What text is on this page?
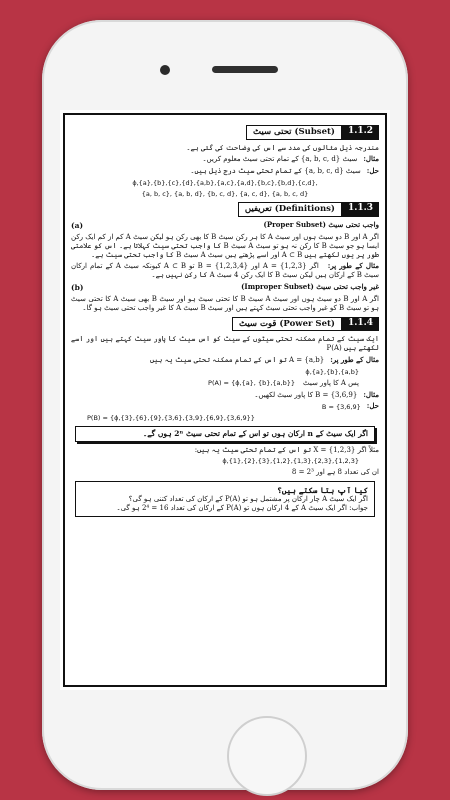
تحتی سیٹ (Subset)	1.1.2
مندرجہ ذیل مثالوں کی مدد سے اس کی وضاحت کی گئی ہے۔
مثال:
سیٹ {a, b, c, d} کے تمام تحتی سیٹ معلوم کریں۔
حل:
سیٹ {a, b, c, d} کے تمام تحتی سیٹ درج ذیل ہیں۔
ϕ,{a},{b},{c},{d},{a,b},{a,c},{a,d},{b,c},{b,d},{c,d},
{a, b, c}, {a, b, d}, {b, c, d}, {a, c, d}, {a, b, c, d}
تعریفیں (Definitions)	1.1.3
واجب تحتی سیٹ (Proper Subset)
(a)
اگر A اور B دو سیٹ ہوں اور سیٹ A کا ہر رکن سیٹ B کا بھی رکن ہو لیکن سیٹ A کم از کم ایک رکن ایسا ہو جو سیٹ B کا رکن نہ ہو تو سیٹ A سیٹ B کا واجب تحتی سیٹ کہلاتا ہے۔ اس کو علامتی طور پر یوں لکھتے ہیں A ⊂ B اور اسے پڑھتے ہیں سیٹ A سیٹ B کا واجب تحتی سیٹ ہے۔
مثال کے طور پر: اگر A = {1,2,3} اور B = {1,2,3,4} تو A ⊂ B کیونکہ سیٹ A کے تمام ارکان سیٹ B کے ارکان ہیں لیکن سیٹ B کا ایک رکن 4 سیٹ A کا رکن نہیں ہے۔
غیر واجب تحتی سیٹ (Improper Subset)
(b)
اگر A اور B دو سیٹ ہوں اور سیٹ A سیٹ B کا تحتی سیٹ ہو اور سیٹ B بھی سیٹ A کا تحتی سیٹ ہو تو سیٹ B کو غیر واجب تحتی سیٹ کہتے ہیں اور سیٹ B سیٹ A کا غیر واجب تحتی سیٹ ہو گا۔
قوت سیٹ (Power Set)	1.1.4
ایک سیٹ کے تمام ممکنہ تحتی سیٹوں کے سیٹ کو اس سیٹ کا پاور سیٹ کہتے ہیں اور اسے لکھتے ہیں P(A)
مثال کے طور پر:
A = {a,b} تو اس کے تمام ممکنہ تحتی سیٹ یہ ہیں
ϕ,{a},{b},{a,b}
پس A کا پاور سیٹ
P(A) = {ϕ,{a}, {b},{a,b}}
مثال:
B = {3,6,9} کا پاور سیٹ لکھیں۔
حل:
B = {3,6,9}
P(B) = {ϕ,{3},{6},{9},{3,6},{3,9},{6,9},{3,6,9}}
اگر ایک سیٹ کے n ارکان ہوں تو اس کے تمام تحتی سیٹ 2ⁿ ہوں گے۔
مثلاً اگر X = {1,2,3} تو اس کے تمام تحتی سیٹ یہ ہیں:
ϕ,{1},{2},{3},{1,2},{1,3},{2,3},{1,2,3}
ان کی تعداد 8 ہے اور 2³ = 8
کیا آپ بتا سکتے ہیں؟
اگر ایک سیٹ A چار ارکان پر مشتمل ہو تو P(A) کے ارکان کی تعداد کتنی ہو گی؟
جواب: اگر ایک سیٹ A کے 4 ارکان ہوں تو P(A) کے ارکان کی تعداد 16 = 2⁴ ہو گی۔
